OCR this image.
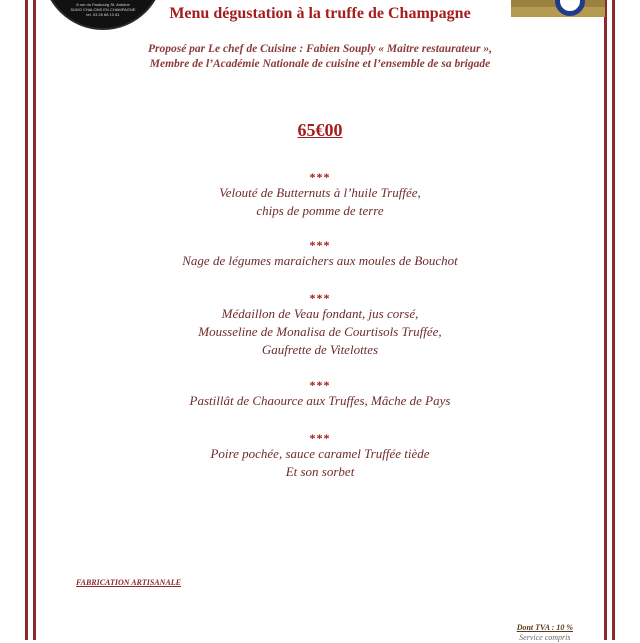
6 rue du Faubourg St. Antoine
51000 CHALONS EN CHAMPAGNE
tel. 03 26 68 10 81	Menu dégustation à la truffe de Champagne
Proposé par Le chef de Cuisine : Fabien Souply « Maitre restaurateur »,
Membre de l’Académie Nationale de cuisine et l’ensemble de sa brigade
65€00
***
Velouté de Butternuts à l’huile Truffée,
chips de pomme de terre
***
Nage de légumes maraichers aux moules de Bouchot
***
Médaillon de Veau fondant, jus corsé,
Mousseline de Monalisa de Courtisols Truffée,
Gaufrette de Vitelottes
***
Pastillât de Chaource aux Truffes, Mâche de Pays
***
Poire pochée, sauce caramel Truffée tiède
Et son sorbet
FABRICATION ARTISANALE
Dont TVA : 10 %
Service compris
